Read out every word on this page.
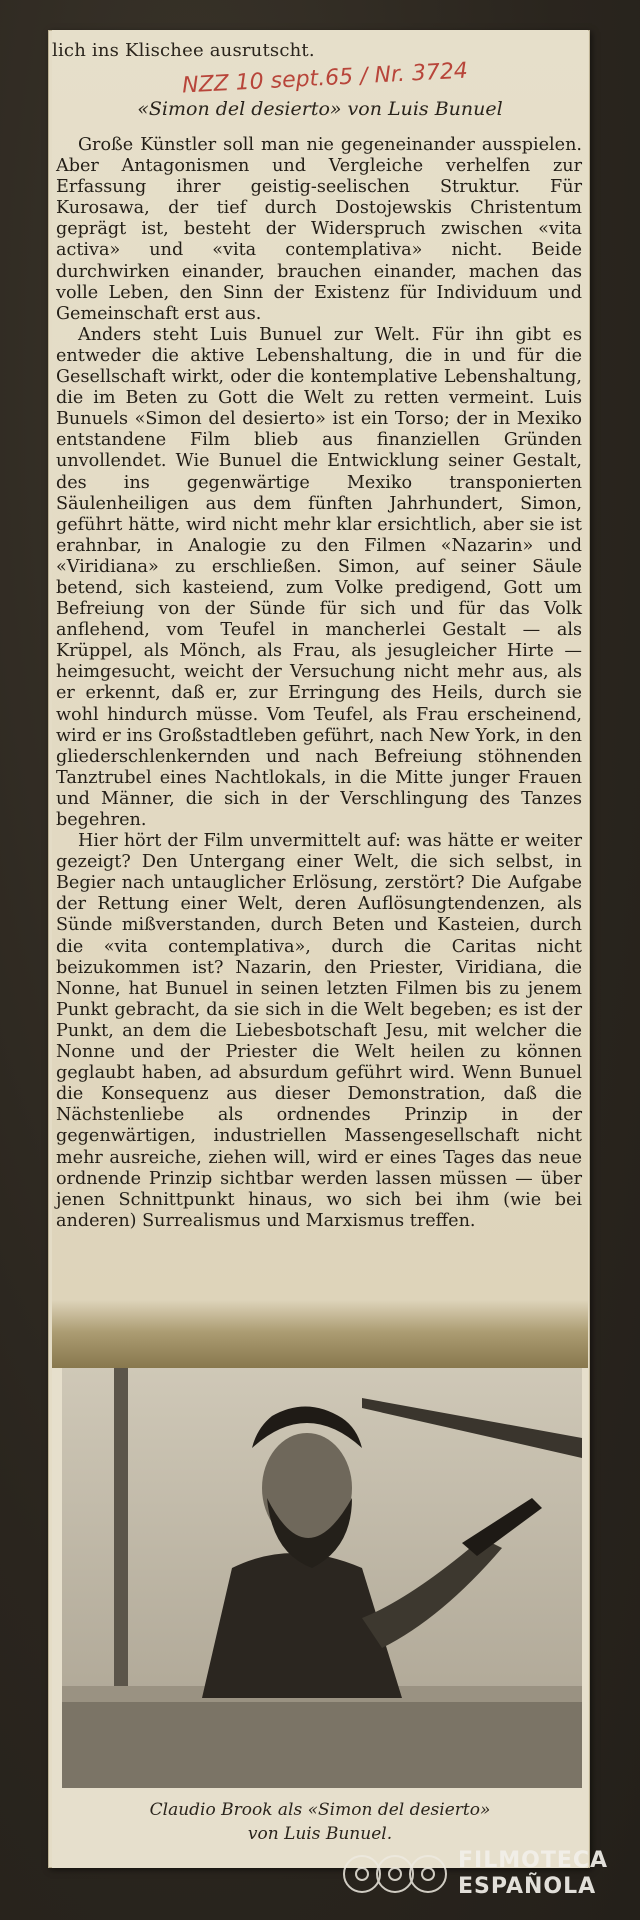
lich ins Klischee ausrutscht.
NZZ 10 sept.65 / Nr. 3724
«Simon del desierto» von Luis Bunuel

Große Künstler soll man nie gegeneinander ausspielen. Aber Antagonismen und Vergleiche verhelfen zur Erfassung ihrer geistig-seelischen Struktur. Für Kurosawa, der tief durch Dostojewskis Christentum geprägt ist, besteht der Widerspruch zwischen «vita activa» und «vita contemplativa» nicht. Beide durchwirken einander, brauchen einander, machen das volle Leben, den Sinn der Existenz für Individuum und Gemeinschaft erst aus.

Anders steht Luis Bunuel zur Welt. Für ihn gibt es entweder die aktive Lebenshaltung, die in und für die Gesellschaft wirkt, oder die kontemplative Lebenshaltung, die im Beten zu Gott die Welt zu retten vermeint. Luis Bunuels «Simon del desierto» ist ein Torso; der in Mexiko entstandene Film blieb aus finanziellen Gründen unvollendet. Wie Bunuel die Entwicklung seiner Gestalt, des ins gegenwärtige Mexiko transponierten Säulenheiligen aus dem fünften Jahrhundert, Simon, geführt hätte, wird nicht mehr klar ersichtlich, aber sie ist erahnbar, in Analogie zu den Filmen «Nazarin» und «Viridiana» zu erschließen. Simon, auf seiner Säule betend, sich kasteiend, zum Volke predigend, Gott um Befreiung von der Sünde für sich und für das Volk anflehend, vom Teufel in mancherlei Gestalt — als Krüppel, als Mönch, als Frau, als jesugleicher Hirte — heimgesucht, weicht der Versuchung nicht mehr aus, als er erkennt, daß er, zur Erringung des Heils, durch sie wohl hindurch müsse. Vom Teufel, als Frau erscheinend, wird er ins Großstadtleben geführt, nach New York, in den gliederschlenkernden und nach Befreiung stöhnenden Tanztrubel eines Nachtlokals, in die Mitte junger Frauen und Männer, die sich in der Verschlingung des Tanzes begehren.

Hier hört der Film unvermittelt auf: was hätte er weiter gezeigt? Den Untergang einer Welt, die sich selbst, in Begier nach untauglicher Erlösung, zerstört? Die Aufgabe der Rettung einer Welt, deren Auflösungtendenzen, als Sünde mißverstanden, durch Beten und Kasteien, durch die «vita contemplativa», durch die Caritas nicht beizukommen ist? Nazarin, den Priester, Viridiana, die Nonne, hat Bunuel in seinen letzten Filmen bis zu jenem Punkt gebracht, da sie sich in die Welt begeben; es ist der Punkt, an dem die Liebesbotschaft Jesu, mit welcher die Nonne und der Priester die Welt heilen zu können geglaubt haben, ad absurdum geführt wird. Wenn Bunuel die Konsequenz aus dieser Demonstration, daß die Nächstenliebe als ordnendes Prinzip in der gegenwärtigen, industriellen Massengesellschaft nicht mehr ausreiche, ziehen will, wird er eines Tages das neue ordnende Prinzip sichtbar werden lassen müssen — über jenen Schnittpunkt hinaus, wo sich bei ihm (wie bei anderen) Surrealismus und Marxismus treffen.

Claudio Brook als «Simon del desierto»
von Luis Bunuel.
FILMOTECA
ESPAÑOLA
